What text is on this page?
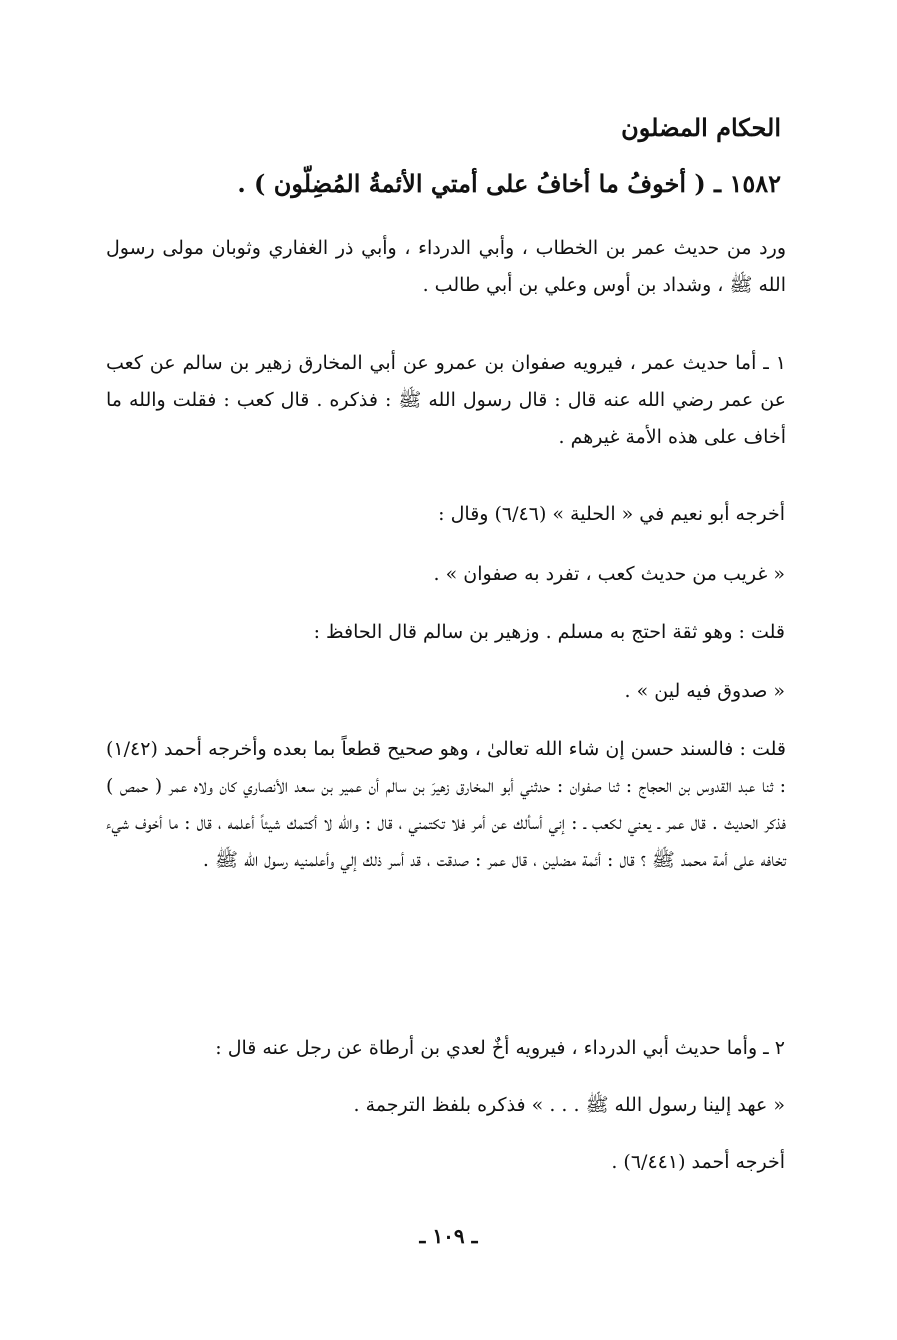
الحكام المضلون
١٥٨٢ ـ ( أخوفُ ما أخافُ على أمتي الأئمةُ المُضِلّون ) .
ورد من حديث عمر بن الخطاب ، وأبي الدرداء ، وأبي ذر الغفاري وثوبان مولى رسول الله ﷺ ، وشداد بن أوس وعلي بن أبي طالب .
١ ـ أما حديث عمر ، فيرويه صفوان بن عمرو عن أبي المخارق زهير بن سالم عن كعب عن عمر رضي الله عنه قال : قال رسول الله ﷺ : فذكره . قال كعب : فقلت والله ما أخاف على هذه الأمة غيرهم .
أخرجه أبو نعيم في « الحلية » (٦/٤٦) وقال :
« غريب من حديث كعب ، تفرد به صفوان » .
قلت : وهو ثقة احتج به مسلم . وزهير بن سالم قال الحافظ :
« صدوق فيه لين » .
قلت : فالسند حسن إن شاء الله تعالىٰ ، وهو صحيح قطعاً بما بعده وأخرجه أحمد (١/٤٢) : ثنا عبد القدوس بن الحجاج : ثنا صفوان : حدثني أبو المخارق زهيرَ بن سالم أن عمير بن سعد الأنصاري كان ولاه عمر ( حمص ) فذكر الحديث . قال عمر ـ يعني لكعب ـ : إني أسألك عن أمر فلا تكتمني ، قال : والله لا أكتمك شيئاً أعلمه ، قال : ما أخوف شيء تخافه على أمة محمد ﷺ ؟ قال : أئمة مضلين ، قال عمر : صدقت ، قد أسر ذلك إلي وأعلمنيه رسول الله ﷺ .
٢ ـ وأما حديث أبي الدرداء ، فيرويه أخٌ لعدي بن أرطاة عن رجل عنه قال :
« عهد إلينا رسول الله ﷺ . . . » فذكره بلفظ الترجمة .
أخرجه أحمد (٦/٤٤١) .
ـ ١٠٩ ـ
